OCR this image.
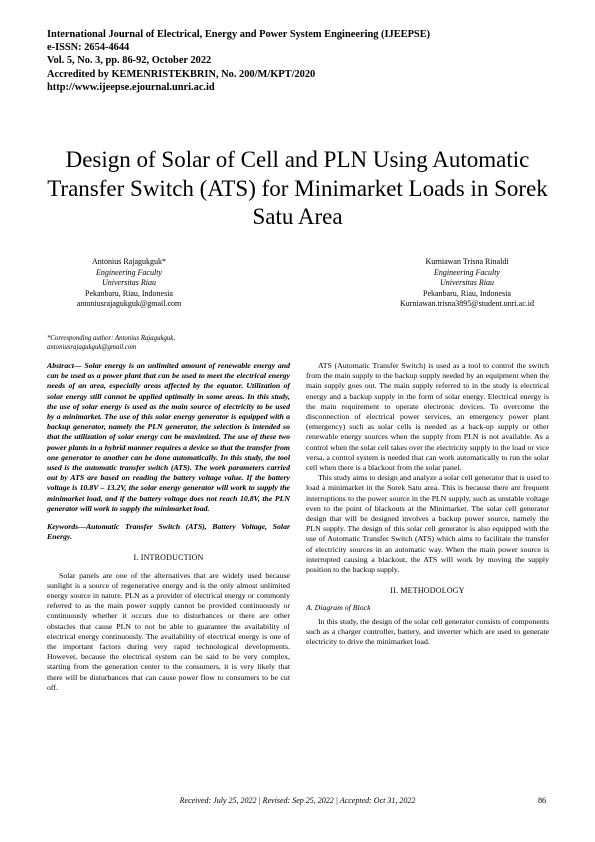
International Journal of Electrical, Energy and Power System Engineering (IJEEPSE)
e-ISSN: 2654-4644
Vol. 5, No. 3, pp. 86-92, October 2022
Accredited by KEMENRISTEKBRIN, No. 200/M/KPT/2020
http://www.ijeepse.ejournal.unri.ac.id
Design of Solar of Cell and PLN Using Automatic Transfer Switch (ATS) for Minimarket Loads in Sorek Satu Area
Antonius Rajagukguk*
Engineering Faculty
Universitas Riau
Pekanbaru, Riau, Indonesia
antoniusrajagukguk@gmail.com
Kurniawan Trisna Rinaldi
Engineering Faculty
Universitas Riau
Pekanbaru, Riau, Indonesia
Kurniawan.trisna3895@student.unri.ac.id
*Corresponding author: Antonius Rajagukguk,
antoniusrajagukguk@gmail.com
Abstract— Solar energy is an unlimited amount of renewable energy and can be used as a power plant that can be used to meet the electrical energy needs of an area, especially areas affected by the equator. Utilization of solar energy still cannot be applied optimally in some areas. In this study, the use of solar energy is used as the main source of electricity to be used by a minimarket. The use of this solar energy generator is equipped with a backup generator, namely the PLN generator, the selection is intended so that the utilization of solar energy can be maximized. The use of these two power plants in a hybrid manner requires a device so that the transfer from one generator to another can be done automatically. In this study, the tool used is the automatic transfer switch (ATS). The work parameters carried out by ATS are based on reading the battery voltage value. If the battery voltage is 10.8V – 13.2V, the solar energy generator will work to supply the minimarket load, and if the battery voltage does not reach 10.8V, the PLN generator will work to supply the minimarket load.
Keywords—Automatic Transfer Switch (ATS), Battery Voltage, Solar Energy.
I. INTRODUCTION

Solar panels are one of the alternatives that are widely used because sunlight is a source of regenerative energy and is the only almost unlimited energy source in nature. PLN as a provider of electrical energy or commonly referred to as the main power supply cannot be provided continuously or continuously whether it occurs due to disturbances or there are other obstacles that cause PLN to not be able to guarantee the availability of electrical energy continuously. The availability of electrical energy is one of the important factors during very rapid technological developments. However, because the electrical system can be said to be very complex, starting from the generation center to the consumers, it is very likely that there will be disturbances that can cause power flow to consumers to be cut off.

ATS (Automatic Transfer Switch) is used as a tool to control the switch from the main supply to the backup supply needed by an equipment when the main supply goes out. The main supply referred to in the study is electrical energy and a backup supply in the form of solar energy. Electrical energy is the main requirement to operate electronic devices. To overcome the disconnection of electrical power services, an emergency power plant (emergency) such as solar cells is needed as a back-up supply or other renewable energy sources when the supply from PLN is not available. As a control when the solar cell takes over the electricity supply to the load or vice versa, a control system is needed that can work automatically to run the solar cell when there is a blackout from the solar panel.

This study aims to design and analyze a solar cell generator that is used to load a minimarket in the Sorek Satu area. This is because there are frequent interruptions to the power source in the PLN supply, such as unstable voltage even to the point of blackouts at the Minimarket. The solar cell generator design that will be designed involves a backup power source, namely the PLN supply. The design of this solar cell generator is also equipped with the use of Automatic Transfer Switch (ATS) which aims to facilitate the transfer of electricity sources in an automatic way. When the main power source is interrupted causing a blackout, the ATS will work by moving the supply position to the backup supply.

II. METHODOLOGY
A. Diagram of Block

In this study, the design of the solar cell generator consists of components such as a charger controller, battery, and inverter which are used to generate electricity to drive the minimarket load.

Received: July 25, 2022 | Revised: Sep 25, 2022 | Accepted: Oct 31, 2022	86
